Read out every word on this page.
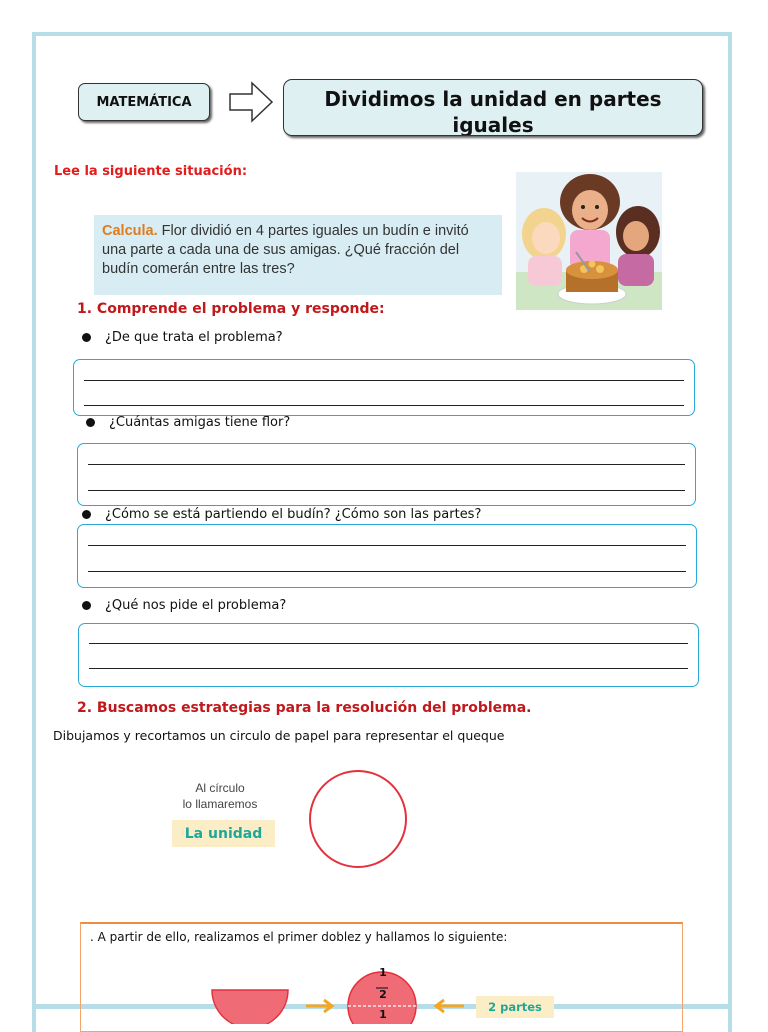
MATEMÁTICA	Dividimos la unidad en partes iguales
Lee la siguiente situación:
Calcula. Flor dividió en 4 partes iguales un budín e invitó una parte a cada una de sus amigas. ¿Qué fracción del budín comerán entre las tres?
1. Comprende el problema y responde:
¿De que trata el problema?
¿Cuántas amigas tiene flor?
¿Cómo se está partiendo el budín? ¿Cómo son las partes?
¿Qué nos pide el problema?
2. Buscamos estrategias para la resolución del problema.
Dibujamos y recortamos un circulo de papel para representar el queque
Al círculo
lo llamaremos
La unidad
. A partir de ello, realizamos el primer doblez y hallamos lo siguiente:
1
2
1
2 partes
